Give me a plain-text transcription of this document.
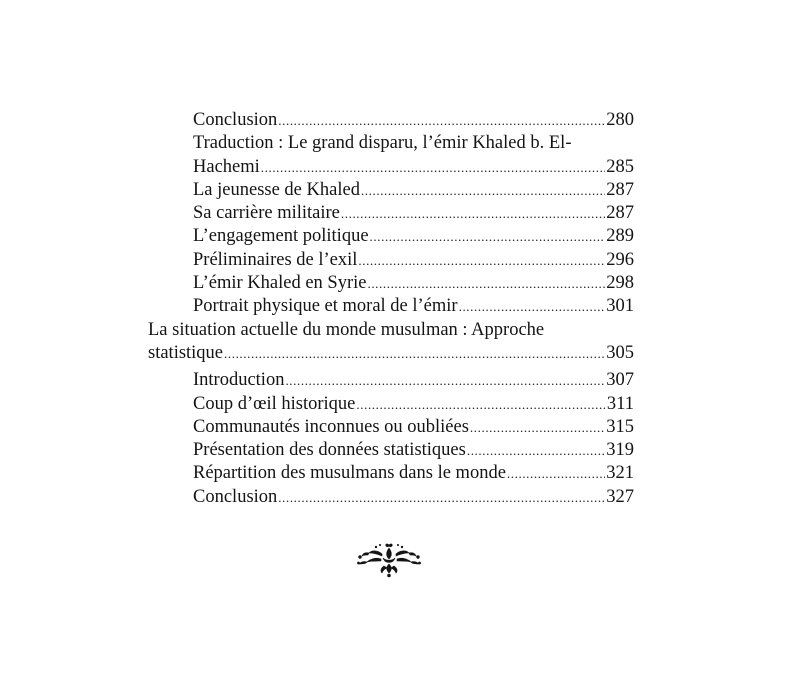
Conclusion .....	280
Traduction : Le grand disparu, l’émir Khaled b. El-
Hachemi .....	285
La jeunesse de Khaled .....	287
Sa carrière militaire .....	287
L’engagement politique .....	289
Préliminaires de l’exil .....	296
L’émir Khaled en Syrie .....	298
Portrait physique et moral de l’émir .....	301
La situation actuelle du monde musulman : Approche
statistique .....	305
Introduction .....	307
Coup d’œil historique .....	311
Communautés inconnues ou oubliées .....	315
Présentation des données statistiques .....	319
Répartition des musulmans dans le monde .....	321
Conclusion .....	327
